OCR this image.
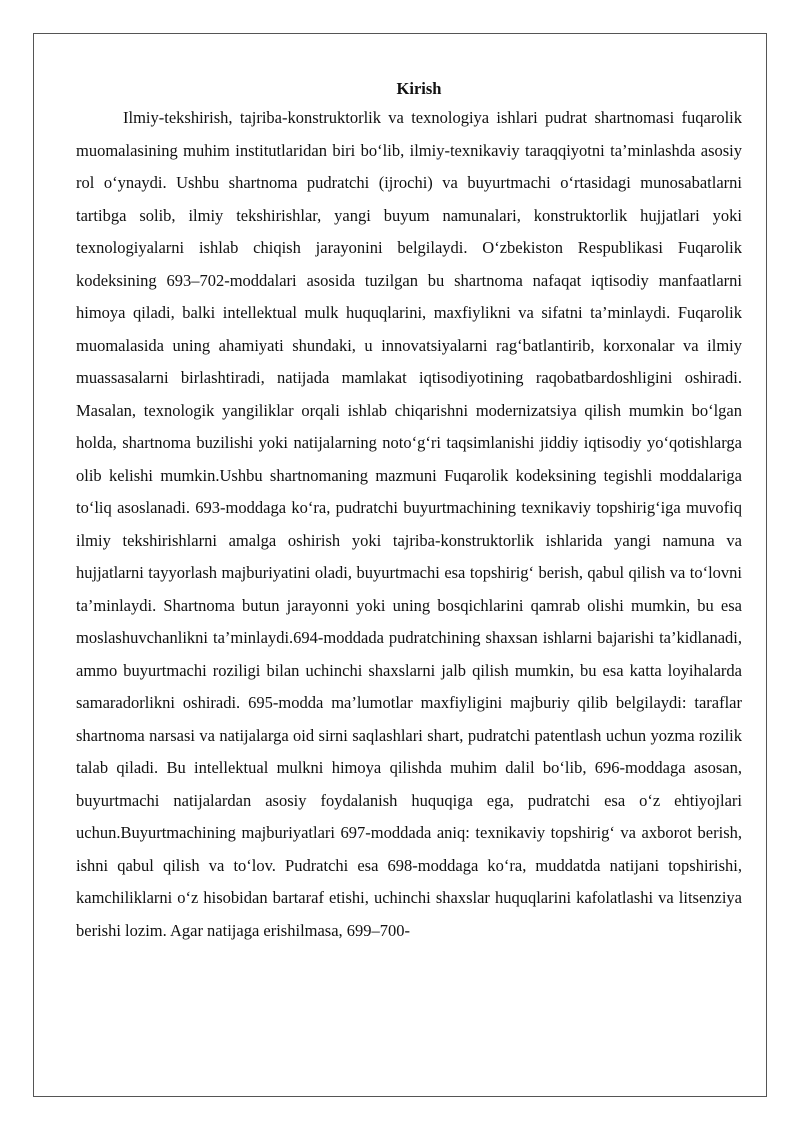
Kirish

Ilmiy-tekshirish, tajriba-konstruktorlik va texnologiya ishlari pudrat shartnomasi fuqarolik muomalasining muhim institutlaridan biri bo‘lib, ilmiy-texnikaviy taraqqiyotni ta’minlashda asosiy rol o‘ynaydi. Ushbu shartnoma pudratchi (ijrochi) va buyurtmachi o‘rtasidagi munosabatlarni tartibga solib, ilmiy tekshirishlar, yangi buyum namunalari, konstruktorlik hujjatlari yoki texnologiyalarni ishlab chiqish jarayonini belgilaydi. O‘zbekiston Respublikasi Fuqarolik kodeksining 693–702-moddalari asosida tuzilgan bu shartnoma nafaqat iqtisodiy manfaatlarni himoya qiladi, balki intellektual mulk huquqlarini, maxfiylikni va sifatni ta’minlaydi. Fuqarolik muomalasida uning ahamiyati shundaki, u innovatsiyalarni rag‘batlantirib, korxonalar va ilmiy muassasalarni birlashtiradi, natijada mamlakat iqtisodiyotining raqobatbardoshligini oshiradi. Masalan, texnologik yangiliklar orqali ishlab chiqarishni modernizatsiya qilish mumkin bo‘lgan holda, shartnoma buzilishi yoki natijalarning noto‘g‘ri taqsimlanishi jiddiy iqtisodiy yo‘qotishlarga olib kelishi mumkin.Ushbu shartnomaning mazmuni Fuqarolik kodeksining tegishli moddalariga to‘liq asoslanadi. 693-moddaga ko‘ra, pudratchi buyurtmachining texnikaviy topshirig‘iga muvofiq ilmiy tekshirishlarni amalga oshirish yoki tajriba-konstruktorlik ishlarida yangi namuna va hujjatlarni tayyorlash majburiyatini oladi, buyurtmachi esa topshirig‘ berish, qabul qilish va to‘lovni ta’minlaydi. Shartnoma butun jarayonni yoki uning bosqichlarini qamrab olishi mumkin, bu esa moslashuvchanlikni ta’minlaydi.694-moddada pudratchining shaxsan ishlarni bajarishi ta’kidlanadi, ammo buyurtmachi roziligi bilan uchinchi shaxslarni jalb qilish mumkin, bu esa katta loyihalarda samaradorlikni oshiradi. 695-modda ma’lumotlar maxfiyligini majburiy qilib belgilaydi: taraflar shartnoma narsasi va natijalarga oid sirni saqlashlari shart, pudratchi patentlash uchun yozma rozilik talab qiladi. Bu intellektual mulkni himoya qilishda muhim dalil bo‘lib, 696-moddaga asosan, buyurtmachi natijalardan asosiy foydalanish huquqiga ega, pudratchi esa o‘z ehtiyojlari uchun.Buyurtmachining majburiyatlari 697-moddada aniq: texnikaviy topshirig‘ va axborot berish, ishni qabul qilish va to‘lov. Pudratchi esa 698-moddaga ko‘ra, muddatda natijani topshirishi, kamchiliklarni o‘z hisobidan bartaraf etishi, uchinchi shaxslar huquqlarini kafolatlashi va litsenziya berishi lozim. Agar natijaga erishilmasa, 699–700-
